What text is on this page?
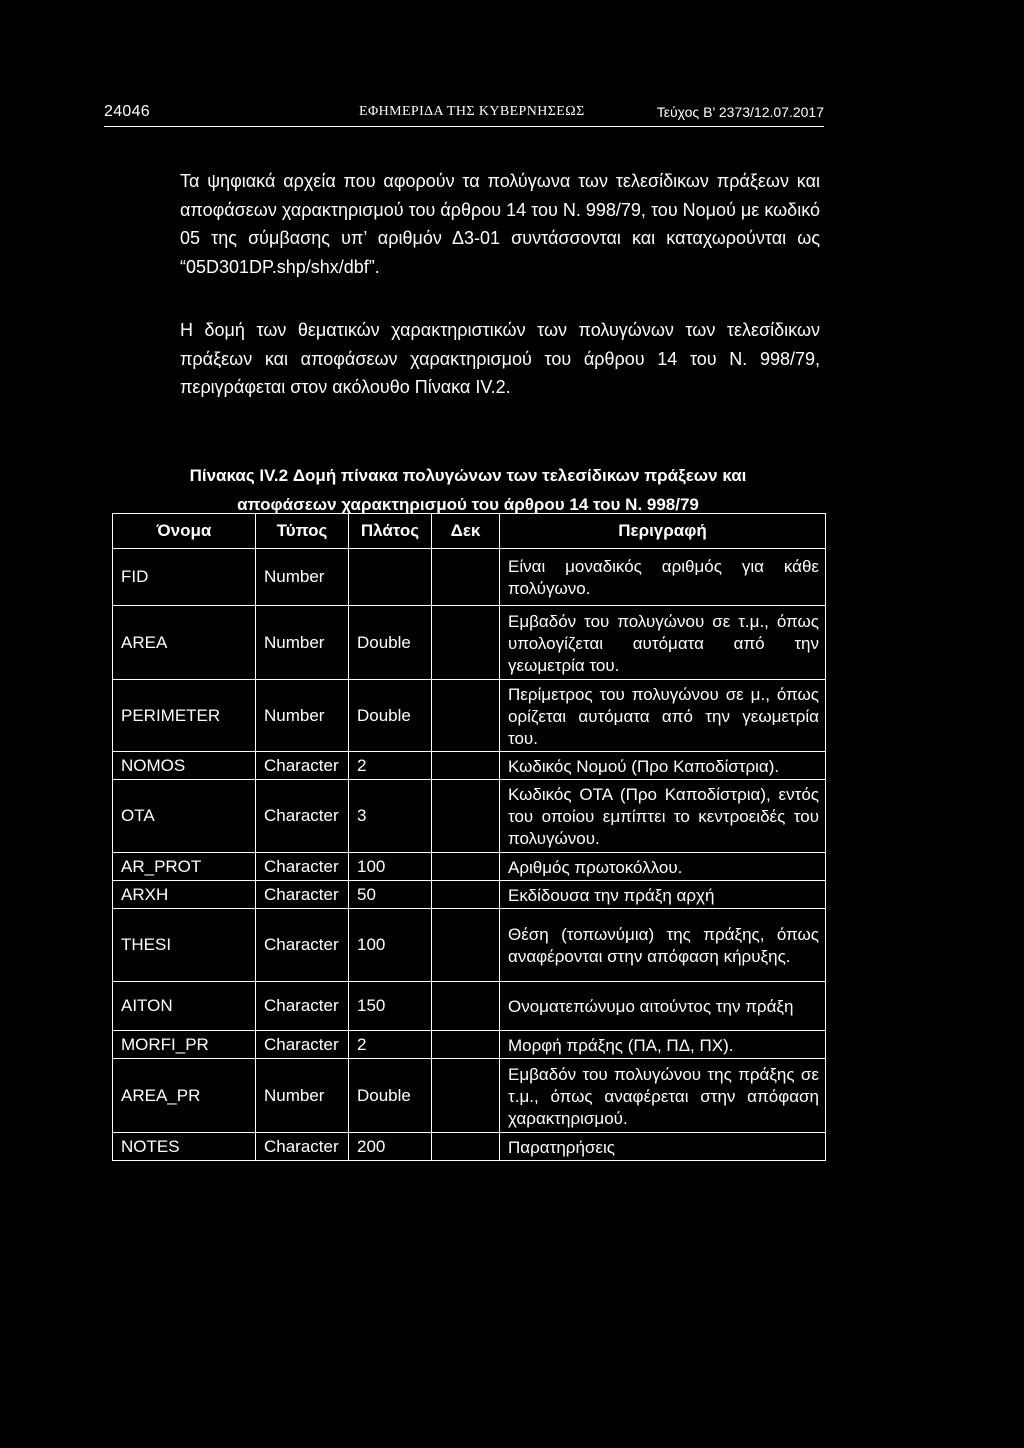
24046	ΕΦΗΜΕΡΙΔΑ ΤΗΣ ΚΥΒΕΡΝΗΣΕΩΣ	Τεύχος Β’ 2373/12.07.2017

Τα ψηφιακά αρχεία που αφορούν τα πολύγωνα των τελεσίδικων πράξεων και αποφάσεων χαρακτηρισμού του άρθρου 14 του Ν. 998/79, του Νομού με κωδικό 05 της σύμβασης υπ’ αριθμόν Δ3-01 συντάσσονται και καταχωρούνται ως “05D301DP.shp/shx/dbf”.

Η δομή των θεματικών χαρακτηριστικών των πολυγώνων των τελεσίδικων πράξεων και αποφάσεων χαρακτηρισμού του άρθρου 14 του Ν. 998/79, περιγράφεται στον ακόλουθο Πίνακα IV.2.

Πίνακας IV.2 Δομή πίνακα πολυγώνων των τελεσίδικων πράξεων και αποφάσεων χαρακτηρισμού του άρθρου 14 του Ν. 998/79
Όνομα	Τύπος	Πλάτος	Δεκ	Περιγραφή
FID	Number			Είναι μοναδικός αριθμός για κάθε πολύγωνο.
AREA	Number	Double		Εμβαδόν του πολυγώνου σε τ.μ., όπως υπολογίζεται αυτόματα από την γεωμετρία του.
PERIMETER	Number	Double		Περίμετρος του πολυγώνου σε μ., όπως ορίζεται αυτόματα από την γεωμετρία του.
NOMOS	Character	2		Κωδικός Νομού (Προ Καποδίστρια).
OTA	Character	3		Κωδικός ΟΤΑ (Προ Καποδίστρια), εντός του οποίου εμπίπτει το κεντροειδές του πολυγώνου.
AR_PROT	Character	100		Αριθμός πρωτοκόλλου.
ARXH	Character	50		Εκδίδουσα την πράξη αρχή
THESI	Character	100		Θέση (τοπωνύμια) της πράξης, όπως αναφέρονται στην απόφαση κήρυξης.
AITON	Character	150		Ονοματεπώνυμο αιτούντος την πράξη
MORFI_PR	Character	2		Μορφή πράξης (ΠΑ, ΠΔ, ΠΧ).
AREA_PR	Number	Double		Εμβαδόν του πολυγώνου της πράξης σε τ.μ., όπως αναφέρεται στην απόφαση χαρακτηρισμού.
NOTES	Character	200		Παρατηρήσεις
